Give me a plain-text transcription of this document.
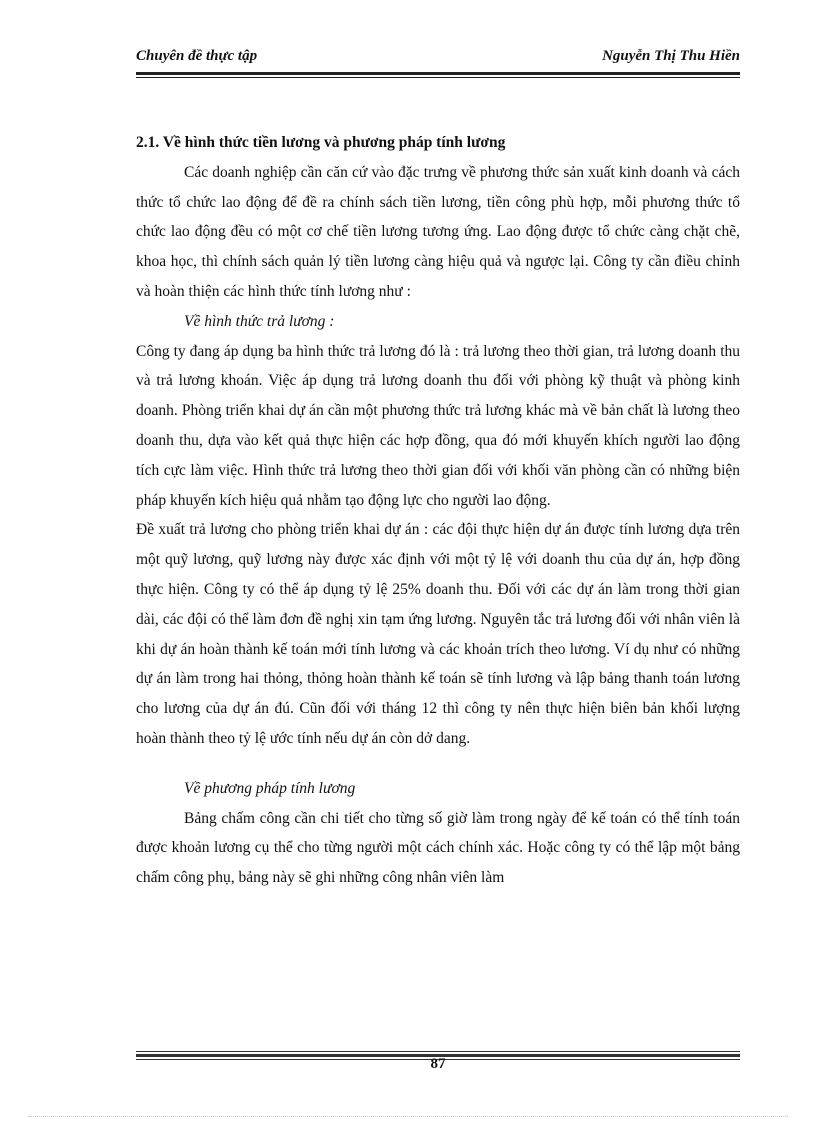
Chuyên đề thực tập	Nguyễn Thị Thu Hiền

2.1. Về hình thức tiền lương và phương pháp tính lương

Các doanh nghiệp cần căn cứ vào đặc trưng về phương thức sản xuất kinh doanh và cách thức tổ chức lao động để đề ra chính sách tiền lương, tiền công phù hợp, mỗi phương thức tổ chức lao động đều có một cơ chế tiền lương tương ứng. Lao động được tổ chức càng chặt chẽ, khoa học, thì chính sách quản lý tiền lương càng hiệu quả và ngược lại. Công ty cần điều chỉnh và hoàn thiện các hình thức tính lương như :

Về hình thức trả lương :

Công ty đang áp dụng ba hình thức trả lương đó là : trả lương theo thời gian, trả lương doanh thu và trả lương khoán. Việc áp dụng trả lương doanh thu đối với phòng kỹ thuật và phòng kinh doanh. Phòng triển khai dự án cần một phương thức trả lương khác mà về bản chất là lương theo doanh thu, dựa vào kết quả thực hiện các hợp đồng, qua đó mới khuyến khích người lao động tích cực làm việc. Hình thức trả lương theo thời gian đối với khối văn phòng cần có những biện pháp khuyến kích hiệu quả nhằm tạo động lực cho người lao động.

Đề xuất trả lương cho phòng triển khai dự án : các đội thực hiện dự án được tính lương dựa trên một quỹ lương, quỹ lương này được xác định với một tỷ lệ với doanh thu của dự án, hợp đồng thực hiện. Công ty có thể áp dụng tỷ lệ 25% doanh thu. Đối với các dự án làm trong thời gian dài, các đội có thể làm đơn đề nghị xin tạm ứng lương. Nguyên tắc trả lương đối với nhân viên là khi dự án hoàn thành kế toán mới tính lương và các khoản trích theo lương. Ví dụ như có những dự án làm trong hai thỏng, thỏng hoàn thành kế toán sẽ tính lương và lập bảng thanh toán lương cho lương của dự án đú. Cũn đối với tháng 12 thì công ty nên thực hiện biên bản khối lượng hoàn thành theo tỷ lệ ước tính nếu dự án còn dở dang.

Về phương pháp tính lương

Bảng chấm công cần chi tiết cho từng số giờ làm trong ngày để kế toán có thể tính toán được khoản lương cụ thể cho từng người một cách chính xác. Hoặc công ty có thể lập một bảng chấm công phụ, bảng này sẽ ghi những công nhân viên làm

87
